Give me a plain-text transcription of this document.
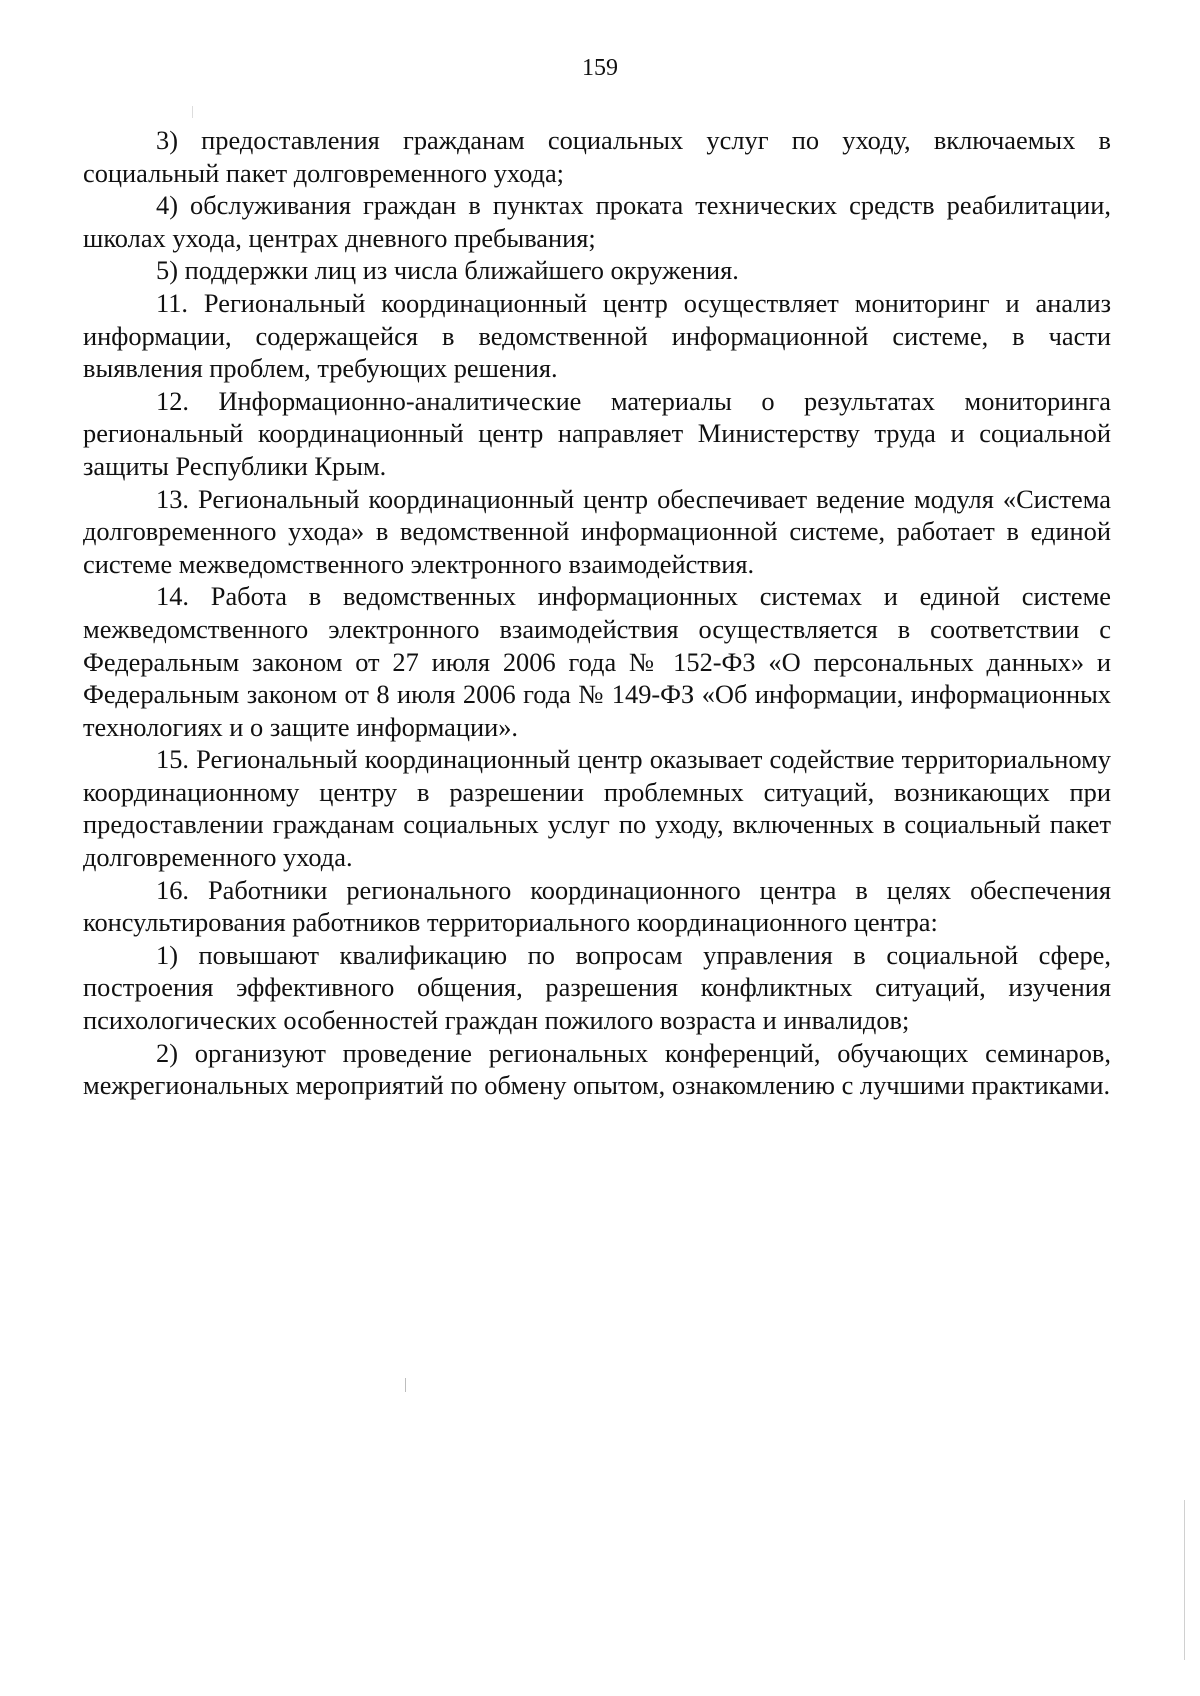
159

3) предоставления гражданам социальных услуг по уходу, включаемых в социальный пакет долговременного ухода;

4) обслуживания граждан в пунктах проката технических средств реабилитации, школах ухода, центрах дневного пребывания;

5) поддержки лиц из числа ближайшего окружения.

11. Региональный координационный центр осуществляет мониторинг и анализ информации, содержащейся в ведомственной информационной системе, в части выявления проблем, требующих решения.

12. Информационно-аналитические материалы о результатах мониторинга региональный координационный центр направляет Министерству труда и социальной защиты Республики Крым.

13. Региональный координационный центр обеспечивает ведение модуля «Система долговременного ухода» в ведомственной информационной системе, работает в единой системе межведомственного электронного взаимодействия.

14. Работа в ведомственных информационных системах и единой системе межведомственного электронного взаимодействия осуществляется в соответствии с Федеральным законом от 27 июля 2006 года № 152-ФЗ «О персональных данных» и Федеральным законом от 8 июля 2006 года № 149-ФЗ «Об информации, информационных технологиях и о защите информации».

15. Региональный координационный центр оказывает содействие территориальному координационному центру в разрешении проблемных ситуаций, возникающих при предоставлении гражданам социальных услуг по уходу, включенных в социальный пакет долговременного ухода.

16. Работники регионального координационного центра в целях обеспечения консультирования работников территориального координационного центра:

1) повышают квалификацию по вопросам управления в социальной сфере, построения эффективного общения, разрешения конфликтных ситуаций, изучения психологических особенностей граждан пожилого возраста и инвалидов;

2) организуют проведение региональных конференций, обучающих семинаров, межрегиональных мероприятий по обмену опытом, ознакомлению с лучшими практиками.
